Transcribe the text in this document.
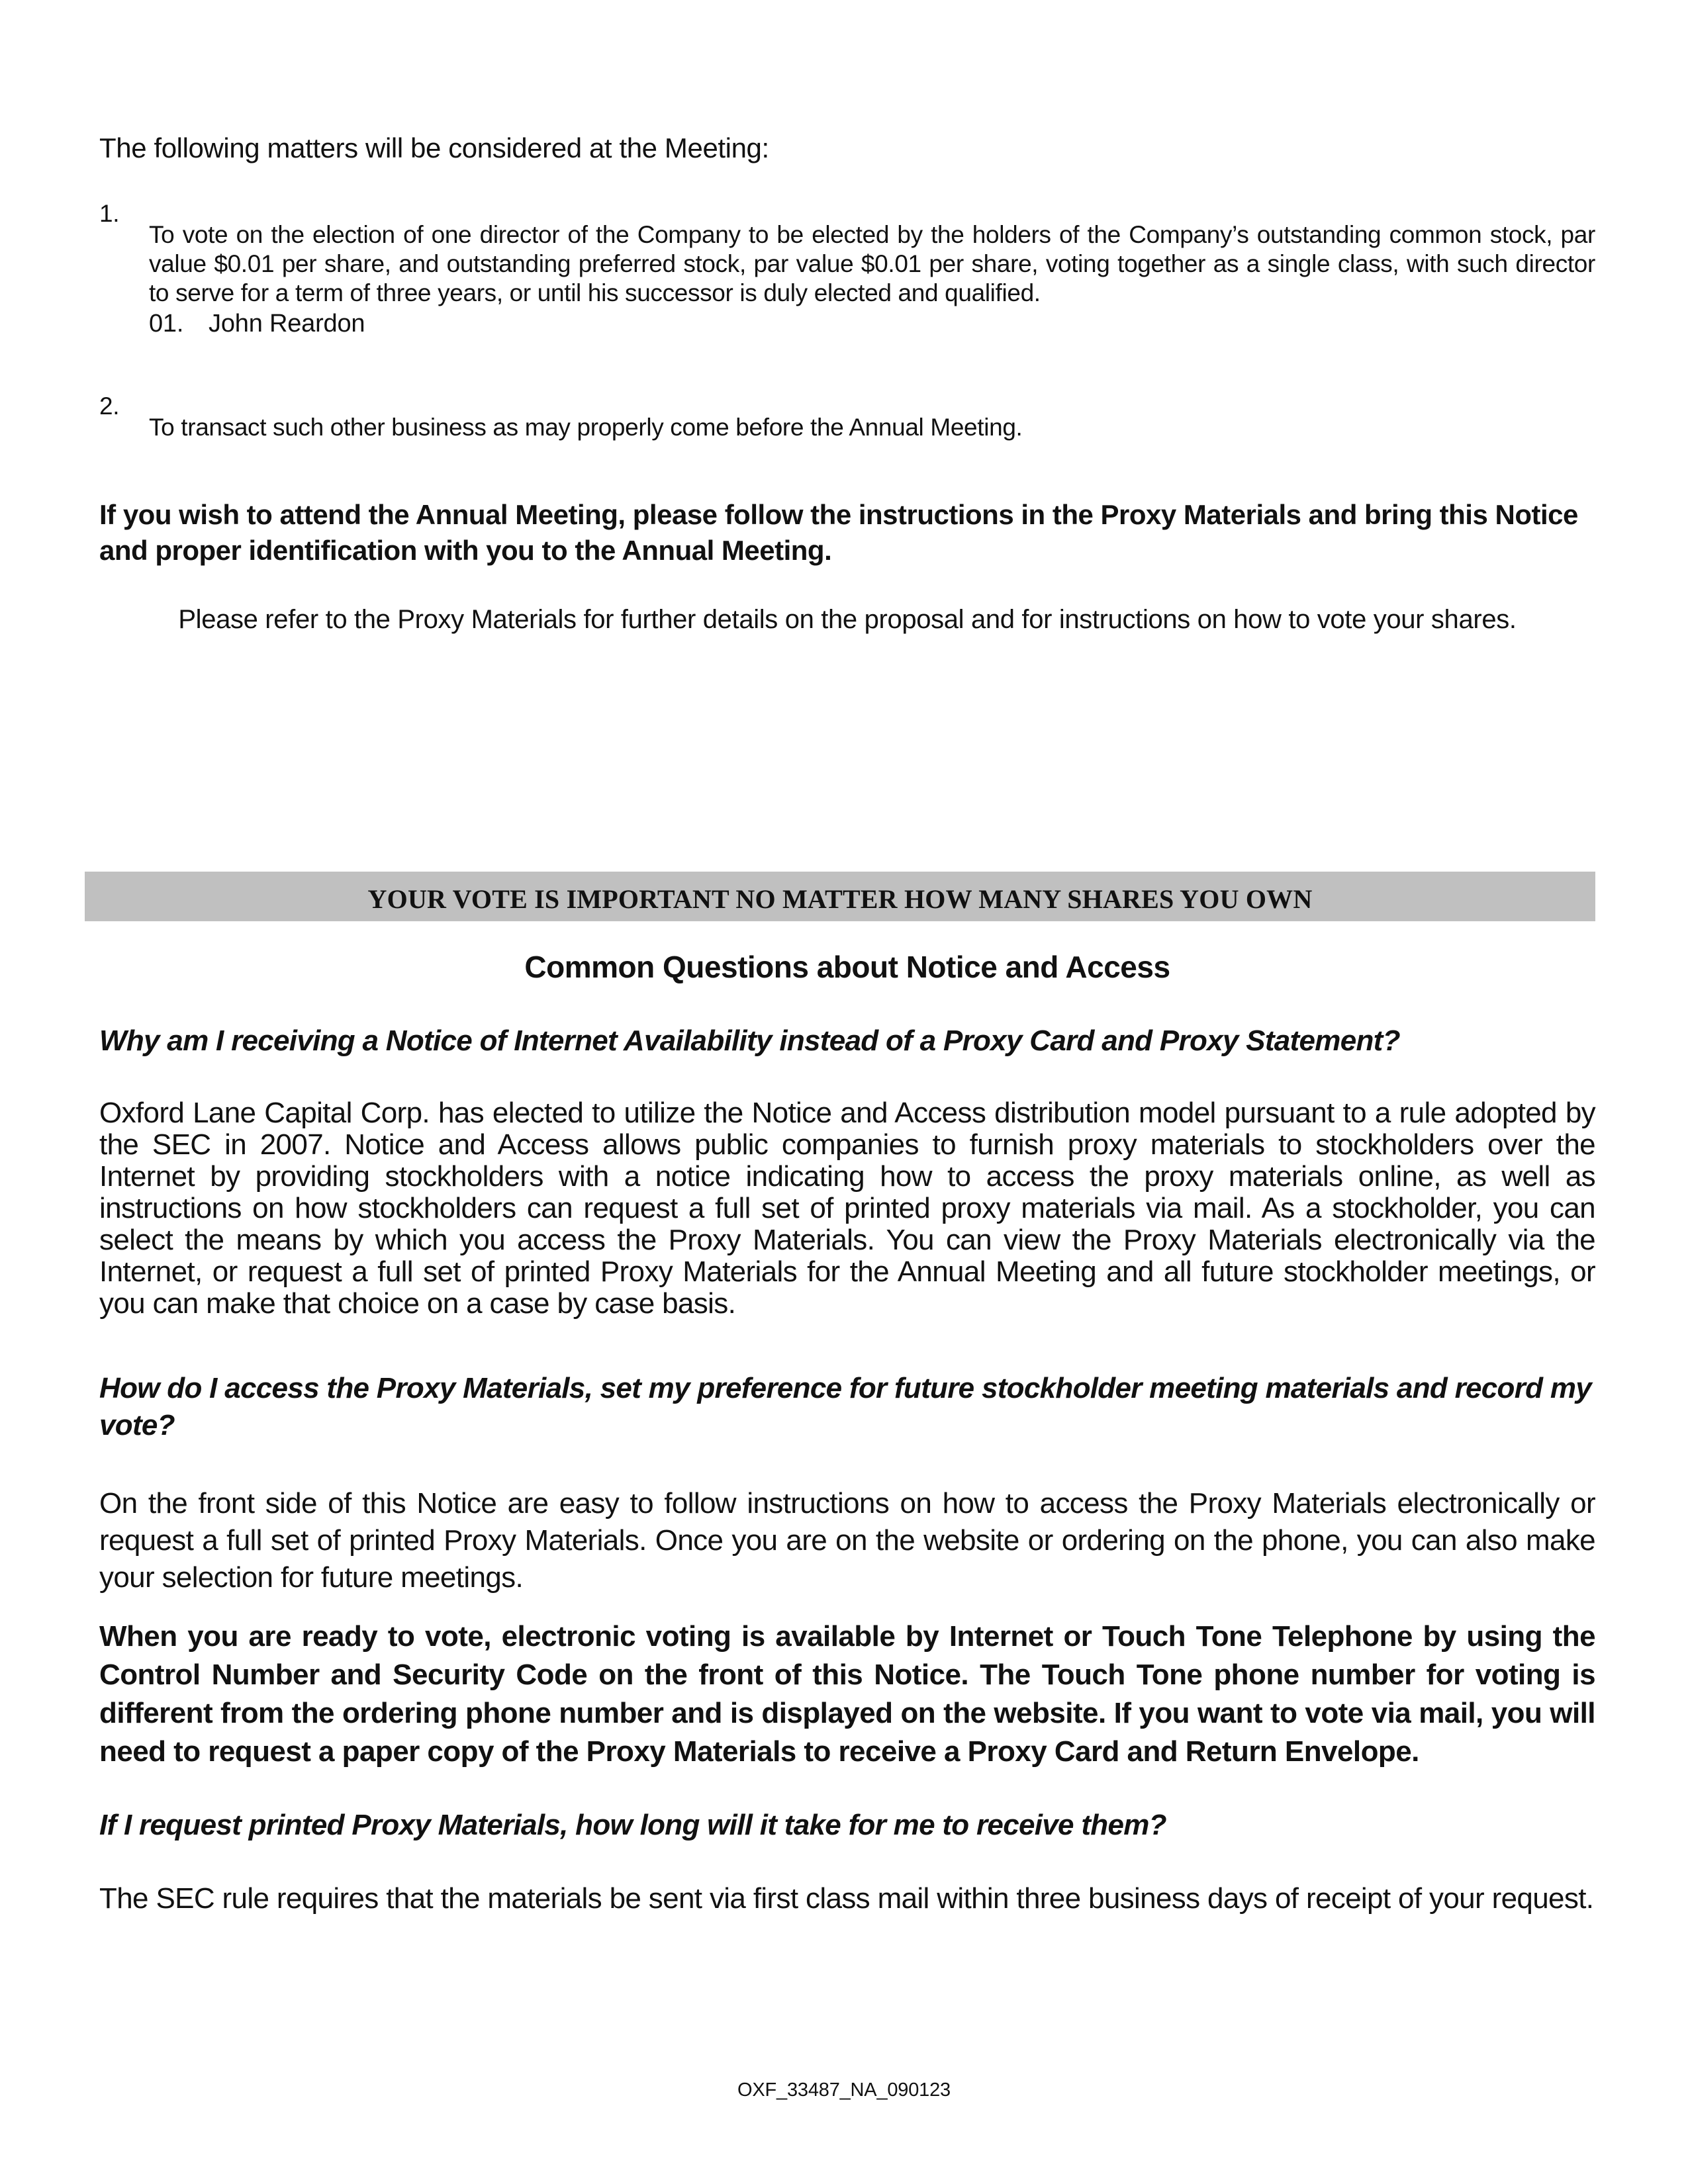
The following matters will be considered at the Meeting:

1.

To vote on the election of one director of the Company to be elected by the holders of the Company’s outstanding common stock, par value $0.01 per share, and outstanding preferred stock, par value $0.01 per share, voting together as a single class, with such director to serve for a term of three years, or until his successor is duly elected and qualified.

01. John Reardon

2.

To transact such other business as may properly come before the Annual Meeting.

If you wish to attend the Annual Meeting, please follow the instructions in the Proxy Materials and bring this Notice and proper identification with you to the Annual Meeting.

Please refer to the Proxy Materials for further details on the proposal and for instructions on how to vote your shares.

YOUR VOTE IS IMPORTANT NO MATTER HOW MANY SHARES YOU OWN
Common Questions about Notice and Access
Why am I receiving a Notice of Internet Availability instead of a Proxy Card and Proxy Statement?

Oxford Lane Capital Corp. has elected to utilize the Notice and Access distribution model pursuant to a rule adopted by the SEC in 2007. Notice and Access allows public companies to furnish proxy materials to stockholders over the Internet by providing stockholders with a notice indicating how to access the proxy materials online, as well as instructions on how stockholders can request a full set of printed proxy materials via mail. As a stockholder, you can select the means by which you access the Proxy Materials. You can view the Proxy Materials electronically via the Internet, or request a full set of printed Proxy Materials for the Annual Meeting and all future stockholder meetings, or you can make that choice on a case by case basis.

How do I access the Proxy Materials, set my preference for future stockholder meeting materials and record my vote?

On the front side of this Notice are easy to follow instructions on how to access the Proxy Materials electronically or request a full set of printed Proxy Materials. Once you are on the website or ordering on the phone, you can also make your selection for future meetings.

When you are ready to vote, electronic voting is available by Internet or Touch Tone Telephone by using the Control Number and Security Code on the front of this Notice. The Touch Tone phone number for voting is different from the ordering phone number and is displayed on the website. If you want to vote via mail, you will need to request a paper copy of the Proxy Materials to receive a Proxy Card and Return Envelope.

If I request printed Proxy Materials, how long will it take for me to receive them?

The SEC rule requires that the materials be sent via first class mail within three business days of receipt of your request.

OXF_33487_NA_090123
